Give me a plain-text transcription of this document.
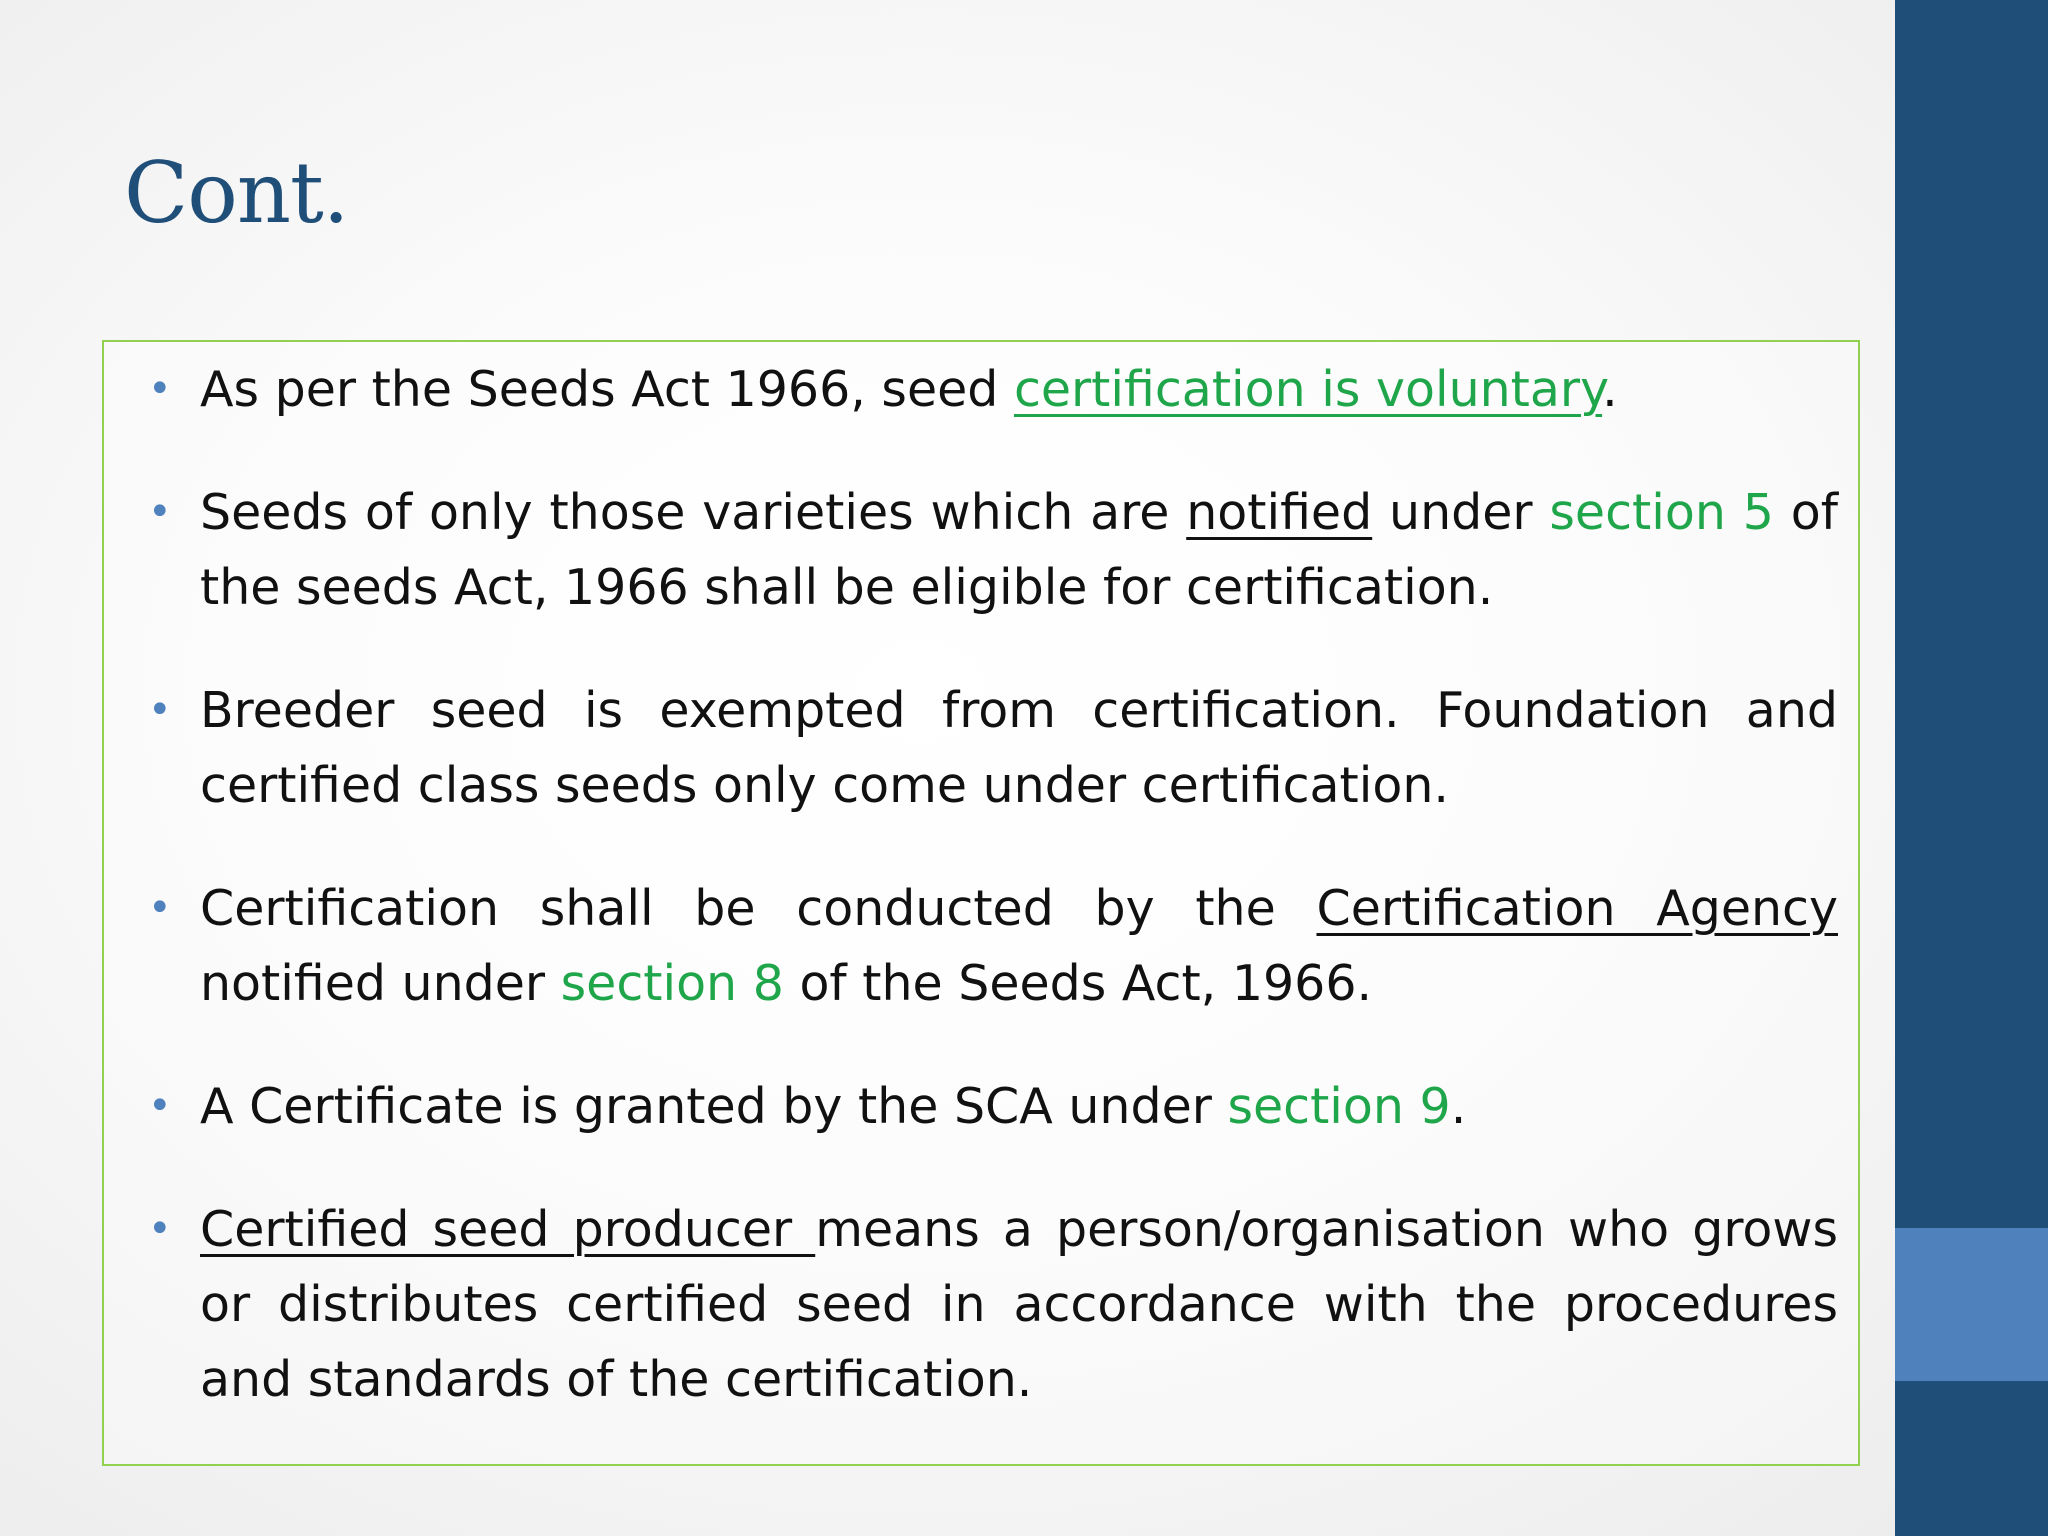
Cont.
• As per the Seeds Act 1966, seed certification is voluntary.
• Seeds of only those varieties which are notified under section 5 of the seeds Act, 1966 shall be eligible for certification.
• Breeder seed is exempted from certification. Foundation and certified class seeds only come under certification.
• Certification shall be conducted by the Certification Agency notified under section 8 of the Seeds Act, 1966.
• A Certificate is granted by the SCA under section 9.
• Certified seed producer means a person/organisation who grows or distributes certified seed in accordance with the procedures and standards of the certification.
